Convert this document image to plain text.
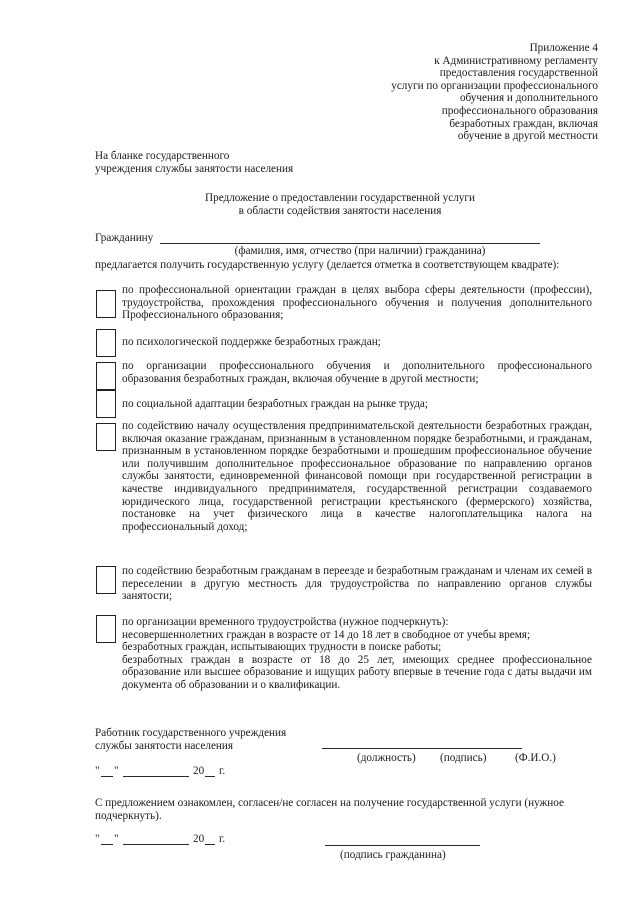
Приложение 4
к Административному регламенту
предоставления государственной
услуги по организации профессионального
обучения и дополнительного
профессионального образования
безработных граждан, включая
обучение в другой местности
На бланке государственного
учреждения службы занятости населения
Предложение о предоставлении государственной услуги
в области содействия занятости населения
Гражданину
(фамилия, имя, отчество (при наличии) гражданина)
предлагается получить государственную услугу (делается отметка в соответствующем квадрате):
по профессиональной ориентации граждан в целях выбора сферы деятельности (профессии), трудоустройства, прохождения профессионального обучения и получения дополнительного Профессионального образования;
по психологической поддержке безработных граждан;
по организации профессионального обучения и дополнительного профессионального образования безработных граждан, включая обучение в другой местности;
по социальной адаптации безработных граждан на рынке труда;
по содействию началу осуществления предпринимательской деятельности безработных граждан, включая оказание гражданам, признанным в установленном порядке безработными, и гражданам, признанным в установленном порядке безработными и прошедшим профессиональное обучение или получившим дополнительное профессиональное образование по направлению органов службы занятости, единовременной финансовой помощи при государственной регистрации в качестве индивидуального предпринимателя, государственной регистрации создаваемого юридического лица, государственной регистрации крестьянского (фермерского) хозяйства, постановке на учет физического лица в качестве налогоплательщика налога на профессиональный доход;
по содействию безработным гражданам в переезде и безработным гражданам и членам их семей в переселении в другую местность для трудоустройства по направлению органов службы занятости;
по организации временного трудоустройства (нужное подчеркнуть):
несовершеннолетних граждан в возрасте от 14 до 18 лет в свободное от учебы время;
безработных граждан, испытывающих трудности в поиске работы;
безработных граждан в возрасте от 18 до 25 лет, имеющих среднее профессиональное образование или высшее образование и ищущих работу впервые в течение года с даты выдачи им документа об образовании и о квалификации.
Работник государственного учреждения
службы занятости населения
(должность) (подпись)	(Ф.И.О.)
" "	20 г.
С предложением ознакомлен, согласен/не согласен на получение государственной услуги (нужное подчеркнуть).
" "	20 г.
(подпись гражданина)
